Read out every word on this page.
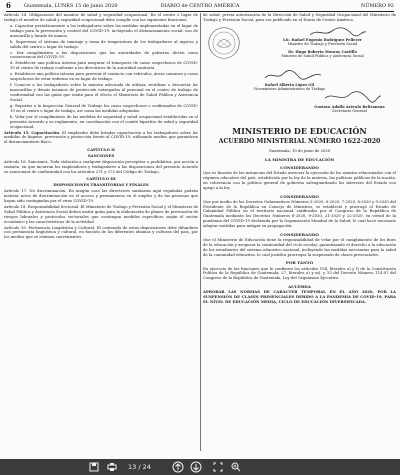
6	Guatemala, LUNES 15 de junio 2020	DIARIO de CENTRO AMÉRICA	NÚMERO 92

Artículo 14. Obligaciones del monitor de salud y seguridad ocupacional. En el centro o lugar de trabajo el monitor de salud y seguridad ocupacional debe cumplir con las siguientes funciones:

a. Capacitar periódicamente a los trabajadores sobre las medidas implementadas en el lugar de trabajo para la prevención y control del COVID-19, incluyendo el distanciamiento social, uso de mascarilla y lavado de manos.

b. Supervisar el sistema de tamizaje y toma de temperatura de los trabajadores al ingreso y salida del centro o lugar de trabajo.

c. Dar cumplimiento a las disposiciones que las autoridades de gobierno dicten como consecuencia del COVID-19.

d. Establecer una política interna para asegurar el transporte de casos sospechosos de COVID-19 al centro de trabajo conforme a las directrices de la autoridad sanitaria.

e. Establecer una política interna para prevenir el contacto con vehículos, áreas comunes y casos sospechosos de estar enfermo en su lugar de trabajo.

f. Conocer a los trabajadores sobre la manera adecuada de utilizar, reutilizar o descartar las mascarillas y demás insumos de protección entregados al personal en el centro de trabajo de conformidad con las guías que emita para el efecto el Ministerio de Salud Pública y Asistencia Social.

g. Reportar a la Inspección General de Trabajo los casos sospechosos o confirmados de COVID-19 en el centro o lugar de trabajo, así como las medidas adoptadas.

h. Velar por el cumplimiento de las medidas de seguridad y salud ocupacional establecidas en el presente Acuerdo y su reglamento, en coordinación con el comité bipartito de salud y seguridad ocupacional.

Artículo 15. Capacitación. El empleador debe brindar capacitación a los trabajadores sobre las medidas de higiene, prevención y protección frente al COVID-19, utilizando medios que garanticen el distanciamiento físico.

CAPÍTULO II
SANCIONES

Artículo 16. Sanciones. Toda violación a cualquier disposición preceptiva o prohibitiva, por acción u omisión, en que incurran los empleadores y trabajadores a las disposiciones del presente Acuerdo se sancionará de conformidad con los artículos 271 y 272 del Código de Trabajo.

CAPÍTULO III
DISPOSICIONES TRANSITORIAS Y FINALES

Artículo 17. No discriminación. En ningún caso las directrices sanitarias aquí reguladas podrán motivar actos de discriminación en el acceso y permanencia en el empleo y de las personas que hayan sido contagiadas por el virus COVID-19.

Artículo 18. Responsabilidad Sectorial. El Ministerio de Trabajo y Previsión Social y el Ministerio de Salud Pública y Asistencia Social deben emitir guías para la elaboración de planes de prevención de riesgos laborales y protocolos sectoriales que contengan medidas específicas según el sector económico y las características de la actividad.

Artículo 19. Pertinencia Lingüística y Cultural. El contenido de estas disposiciones debe difundirse con pertinencia lingüística y cultural, en función de los diferentes idiomas y culturas del país, por los medios que se estimen convenientes.

de salud, previa autorización de la Dirección de Salud y Seguridad Ocupacional del Ministerio de Trabajo y Previsión Social, para ser publicado en el Diario de Centro América.

Lic. Rafael Eugenio Rodríguez Pellecer
Ministro de Trabajo y Previsión Social
Dr. Hugo Roberto Monroy Castillo
Ministro de Salud Pública y Asistencia Social
Rafael Alberto López Gil
Viceministro Administrativo de Trabajo
Gustavo Adolfo Arévalo Beltranena
Secretario General
MINISTERIO DE EDUCACIÓN
ACUERDO MINISTERIAL NÚMERO 1622-2020
Guatemala, 10 de junio de 2020
LA MINISTRA DE EDUCACIÓN
CONSIDERANDO

Que es función de las instancias del Estado asesorar la ejecución de los asuntos relacionados con el régimen educativo del país, establecido por la ley de la materia, las políticas públicas de la nación, en coherencia con la política general de gobierno salvaguardando los intereses del Estado con apego a la ley.

CONSIDERANDO

Que por medio de los Decretos Gubernativos Números 5-2020, 6-2020, 7-2020, 8-2020 y 9-2020 del Presidente de la República en Consejo de Ministros, se estableció y prorrogó el Estado de Calamidad Pública en el territorio nacional, ratificados por el Congreso de la República de Guatemala mediante los Decretos Números 8-2020, 9-2020, 21-2020 y 22-2020, en virtud de la pandemia del COVID-19 declarada por la Organización Mundial de la Salud, lo cual hace necesario adoptar medidas para mitigar su propagación.

CONSIDERANDO

Que el Ministerio de Educación tiene la responsabilidad de velar por el cumplimiento de los fines de la educación y asegurar la continuidad del ciclo escolar, garantizando el derecho a la educación de los estudiantes del sistema educativo nacional, incluyendo las medidas necesarias para la salud de la comunidad educativa, lo cual justifica prorrogar la suspensión de clases presenciales.

POR TANTO

En ejercicio de las funciones que le confieren los artículos 194, literales a) y f) de la Constitución Política de la República de Guatemala; 27, literales a) y m), y 33 del Decreto Número 114-97 del Congreso de la República de Guatemala, Ley del Organismo Ejecutivo.

ACUERDA

APROBAR LAS NORMAS DE CARÁCTER TEMPORAL EN EL AÑO 2020, POR LA SUSPENSIÓN DE CLASES PRESENCIALES DEBIDO A LA PANDEMIA DE COVID-19, PARA EL NIVEL DE EDUCACIÓN MEDIA, CICLO DE EDUCACIÓN DIVERSIFICADA.

13 / 24
